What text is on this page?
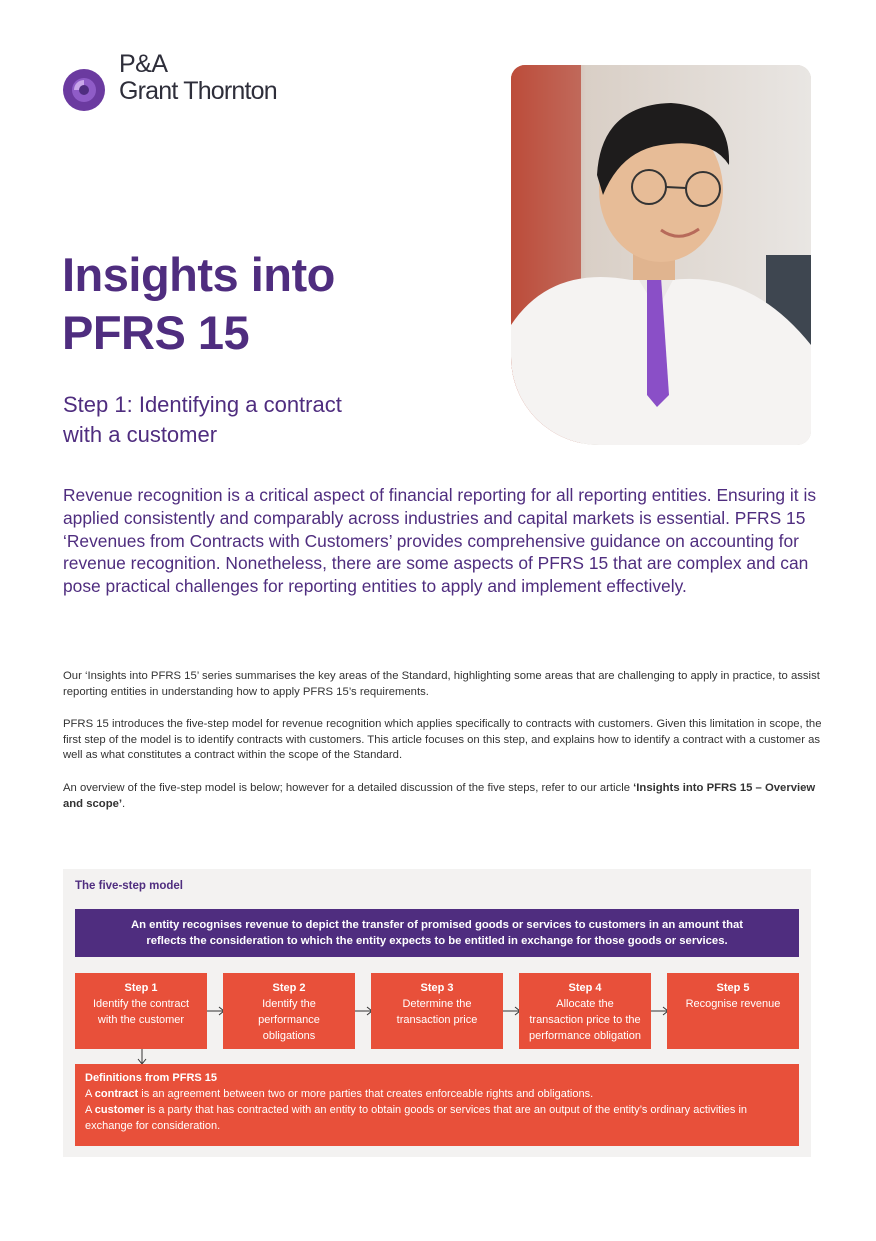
P&A
Grant Thornton
Insights into
PFRS 15
Step 1: Identifying a contract
with a customer
Revenue recognition is a critical aspect of financial reporting for all reporting entities. Ensuring it is applied consistently and comparably across industries and capital markets is essential. PFRS 15 ‘Revenues from Contracts with Customers’ provides comprehensive guidance on accounting for revenue recognition. Nonetheless, there are some aspects of PFRS 15 that are complex and can pose practical challenges for reporting entities to apply and implement effectively.
Our ‘Insights into PFRS 15’ series summarises the key areas of the Standard, highlighting some areas that are challenging to apply in practice, to assist reporting entities in understanding how to apply PFRS 15’s requirements.
PFRS 15 introduces the five-step model for revenue recognition which applies specifically to contracts with customers. Given this limitation in scope, the first step of the model is to identify contracts with customers. This article focuses on this step, and explains how to identify a contract with a customer as well as what constitutes a contract within the scope of the Standard.
An overview of the five-step model is below; however for a detailed discussion of the five steps, refer to our article ‘Insights into PFRS 15 – Overview and scope’.
The five-step model
An entity recognises revenue to depict the transfer of promised goods or services to customers in an amount that
reflects the consideration to which the entity expects to be entitled in exchange for those goods or services.
Step 1
Identify the contract
with the customer
Step 2
Identify the
performance
obligations
Step 3
Determine the
transaction price
Step 4
Allocate the
transaction price to the
performance obligation
Step 5
Recognise revenue
Definitions from PFRS 15
A contract is an agreement between two or more parties that creates enforceable rights and obligations.
A customer is a party that has contracted with an entity to obtain goods or services that are an output of the entity’s ordinary activities in exchange for consideration.
